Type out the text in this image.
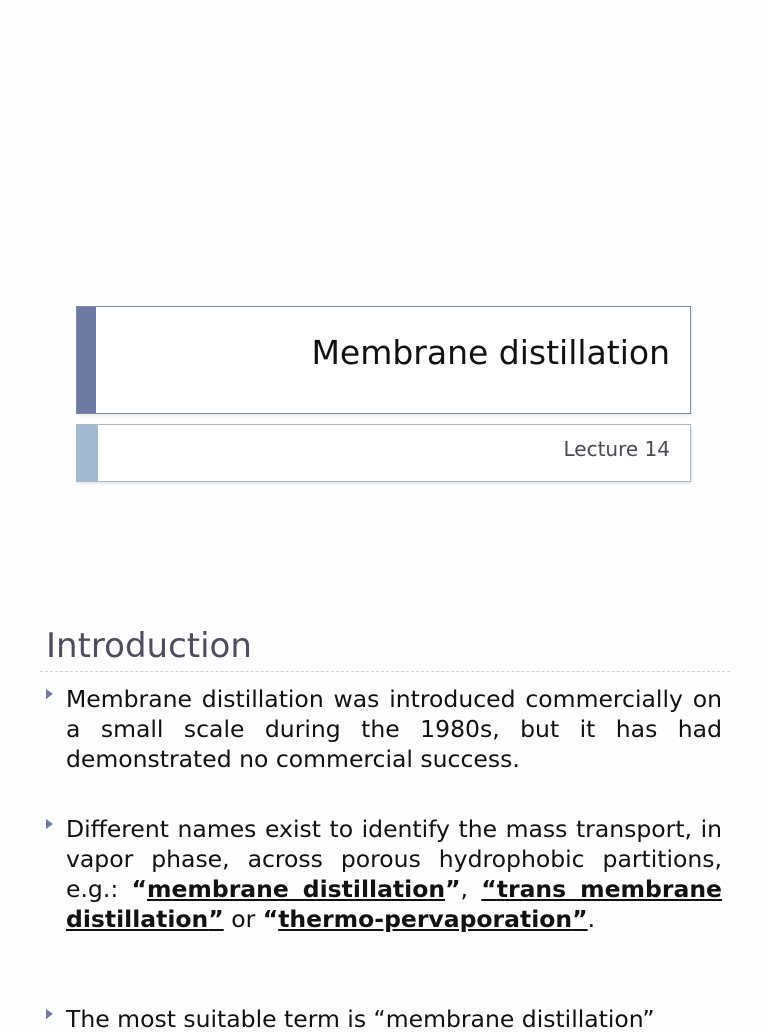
Membrane distillation
Lecture 14
Introduction
Membrane distillation was introduced commercially on a small scale during the 1980s, but it has had demonstrated no commercial success.
Different names exist to identify the mass transport, in vapor phase, across porous hydrophobic partitions, e.g.: “membrane distillation”, “trans membrane distillation” or “thermo-pervaporation”.
The most suitable term is “membrane distillation”
